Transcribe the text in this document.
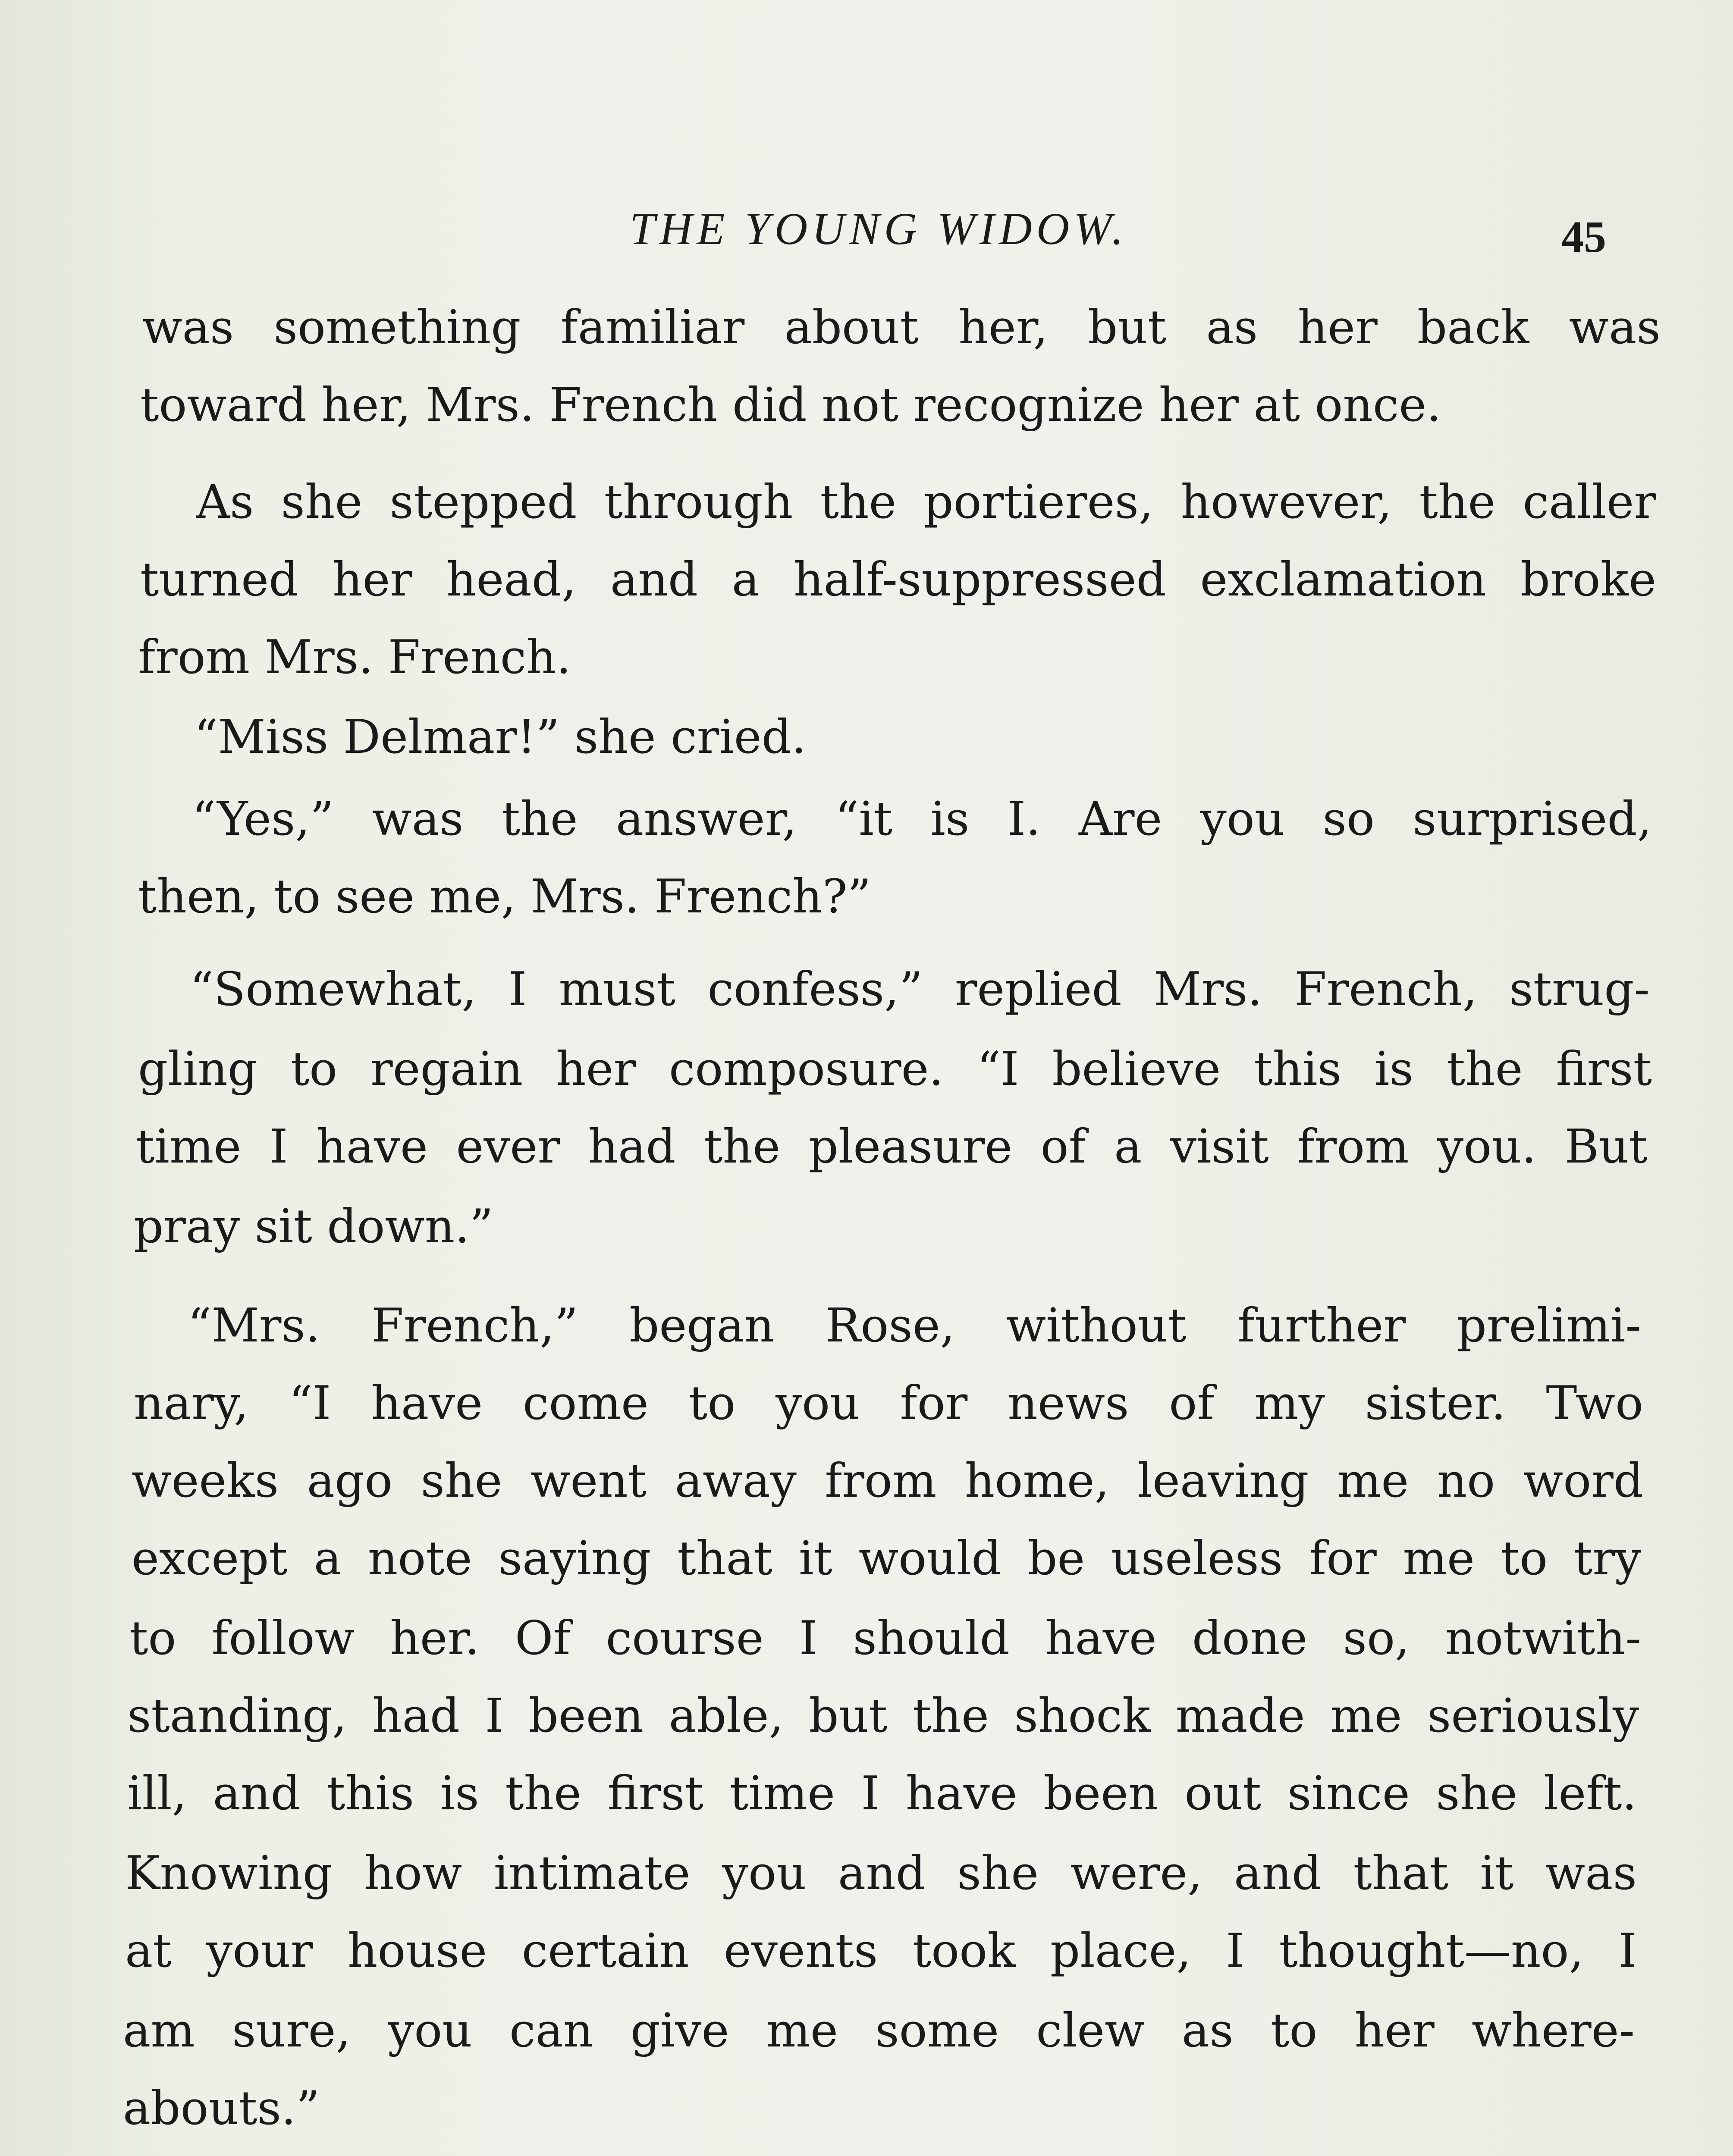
THE YOUNG WIDOW.	45
was something familiar about her, but as her back was
toward her, Mrs. French did not recognize her at once.
As she stepped through the portieres, however, the caller
turned her head, and a half-suppressed exclamation broke
from Mrs. French.
“Miss Delmar!” she cried.
“Yes,” was the answer, “it is I. Are you so surprised,
then, to see me, Mrs. French?”
“Somewhat, I must confess,” replied Mrs. French, strug-
gling to regain her composure. “I believe this is the first
time I have ever had the pleasure of a visit from you. But
pray sit down.”
“Mrs. French,” began Rose, without further prelimi-
nary, “I have come to you for news of my sister. Two
weeks ago she went away from home, leaving me no word
except a note saying that it would be useless for me to try
to follow her. Of course I should have done so, notwith-
standing, had I been able, but the shock made me seriously
ill, and this is the first time I have been out since she left.
Knowing how intimate you and she were, and that it was
at your house certain events took place, I thought—no, I
am sure, you can give me some clew as to her where-
abouts.”
